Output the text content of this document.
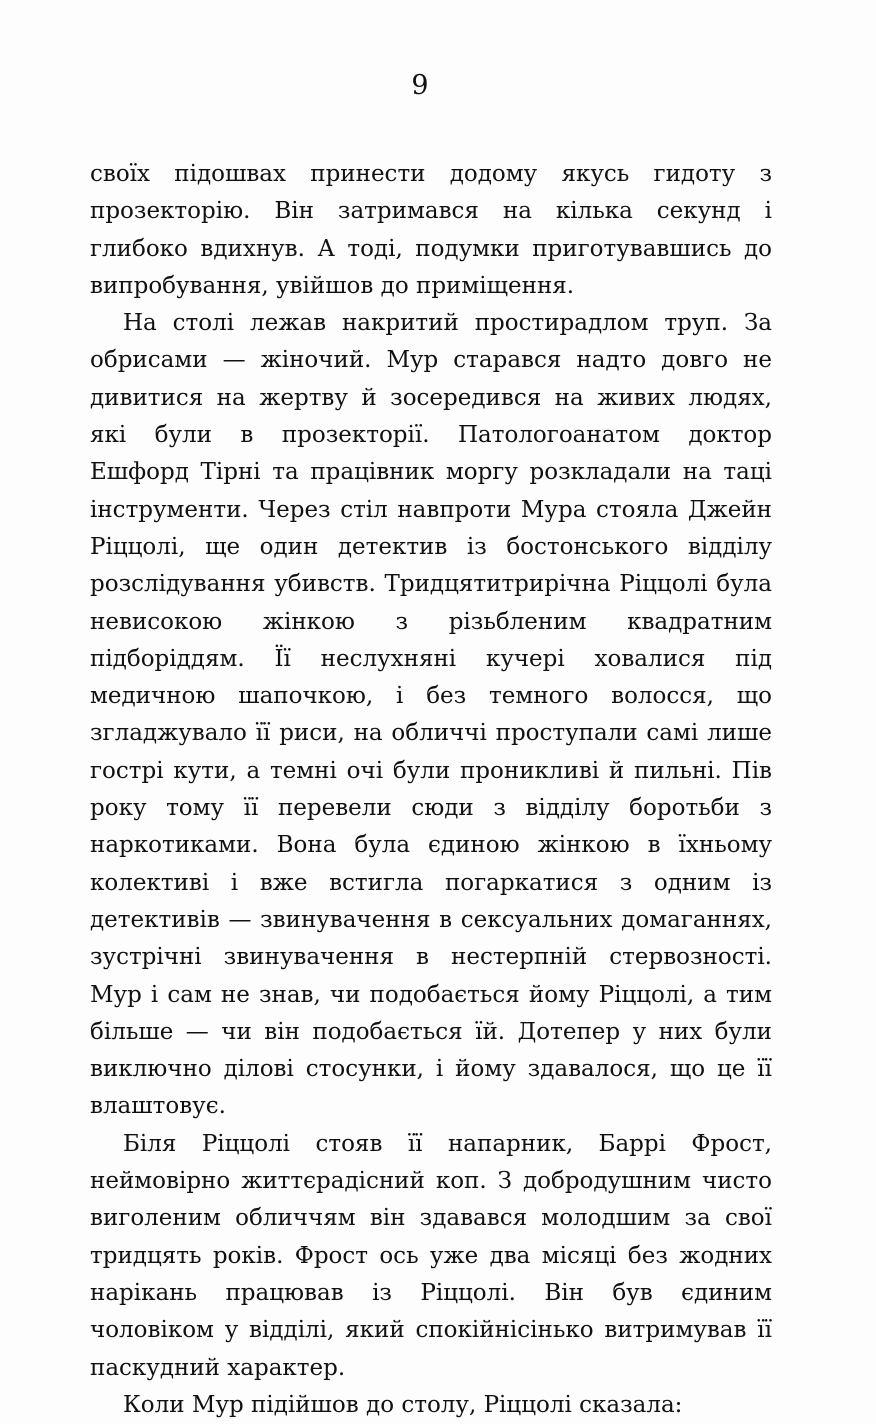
9

своїх підошвах принести додому якусь гидоту з прозекторію. Він затримався на кілька секунд і глибоко вдихнув. А тоді, подумки приготувавшись до випробування, увійшов до приміщення.

На столі лежав накритий простирадлом труп. За обрисами — жіночий. Мур старався надто довго не дивитися на жертву й зосередився на живих людях, які були в прозекторії. Патологоанатом доктор Ешфорд Тірні та працівник моргу розкладали на таці інструменти. Через стіл навпроти Мура стояла Джейн Ріццолі, ще один детектив із бостонського відділу розслідування убивств. Тридцятитрирічна Ріццолі була невисокою жінкою з різьбленим квадратним підборіддям. Її неслухняні кучері ховалися під медичною шапочкою, і без темного волосся, що згладжувало її риси, на обличчі проступали самі лише гострі кути, а темні очі були проникливі й пильні. Пів року тому її перевели сюди з відділу боротьби з наркотиками. Вона була єдиною жінкою в їхньому колективі і вже встигла погаркатися з одним із детективів — звинувачення в сексуальних домаганнях, зустрічні звинувачення в нестерпній стервозності. Мур і сам не знав, чи подобається йому Ріццолі, а тим більше — чи він подобається їй. Дотепер у них були виключно ділові стосунки, і йому здавалося, що це її влаштовує.

Біля Ріццолі стояв її напарник, Баррі Фрост, неймовірно життєрадісний коп. З добродушним чисто виголеним обличчям він здавався молодшим за свої тридцять років. Фрост ось уже два місяці без жодних нарікань працював із Ріццолі. Він був єдиним чоловіком у відділі, який спокійнісінько витримував її паскудний характер.

Коли Мур підійшов до столу, Ріццолі сказала:
